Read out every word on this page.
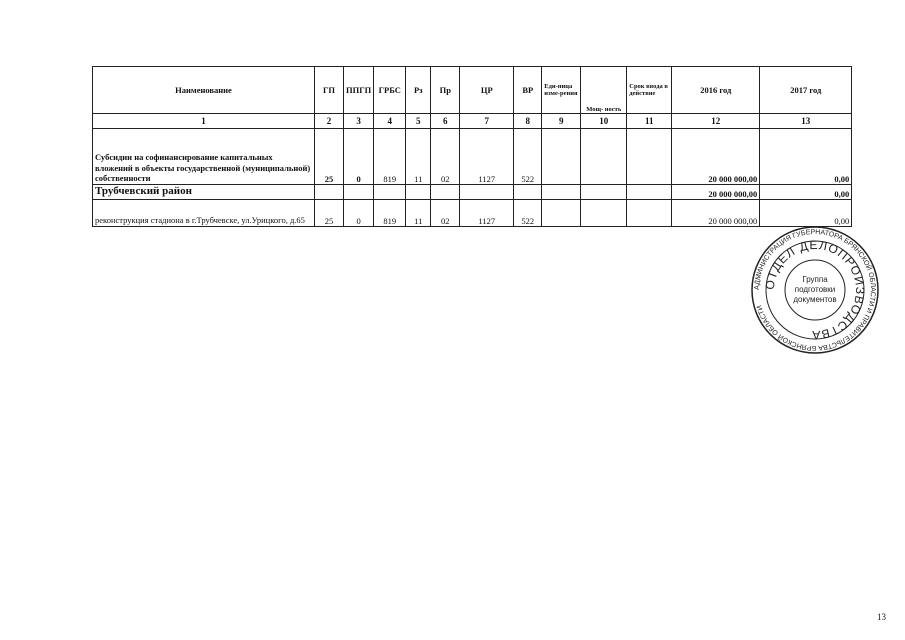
Наименование	ГП	ППГП	ГРБС	Рз	Пр	ЦР	ВР	Еди-ница изме-рения	Мощ- ность	Срок ввода в действие	2016 год	2017 год
1	2	3	4	5	6	7	8	9	10	11	12	13
Субсидии на софинансирование капитальных вложений в объекты государственной (муниципальной) собственности	25	0	819	11	02	1127	522				20 000 000,00	0,00
Трубчевский район											20 000 000,00	0,00
реконструкция стадиона в г.Трубчевске, ул.Урицкого, д.65	25	0	819	11	02	1127	522				20 000 000,00	0,00
АДМИНИСТРАЦИЯ ГУБЕРНАТОРА БРЯНСКОЙ ОБЛАСТИ И ПРАВИТЕЛЬСТВА БРЯНСКОЙ ОБЛАСТИ
ОТДЕЛ ДЕЛОПРОИЗВОДСТВА
Группа
подготовки
документов
13
